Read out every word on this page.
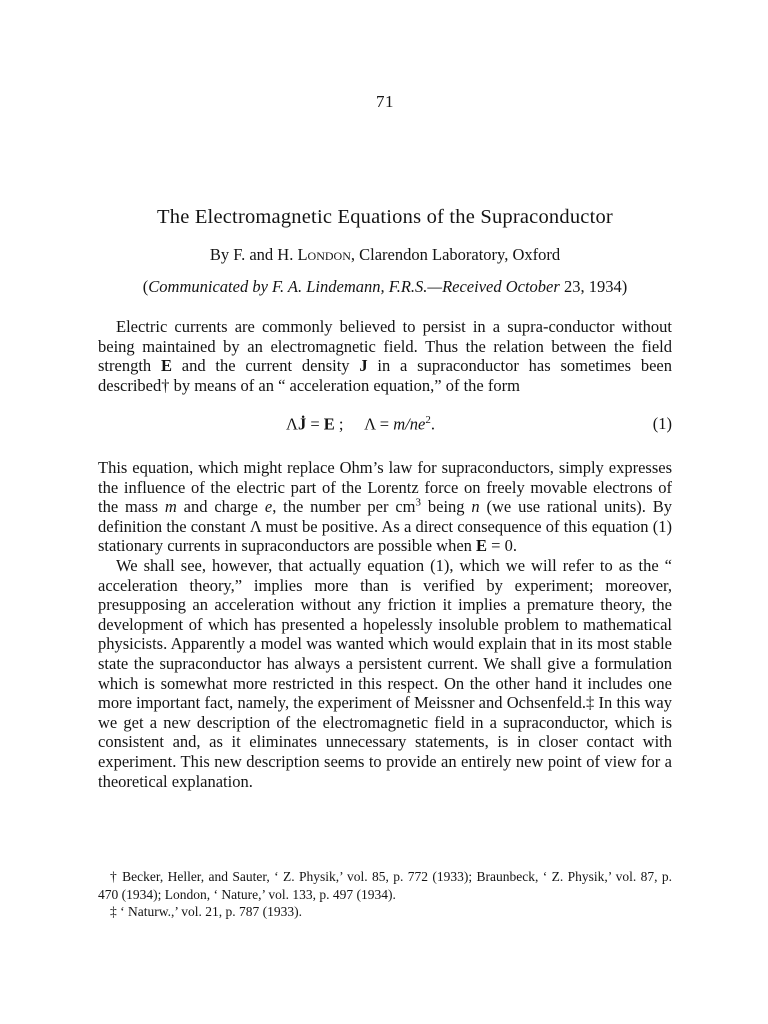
71
The Electromagnetic Equations of the Supraconductor
By F. and H. London, Clarendon Laboratory, Oxford
(Communicated by F. A. Lindemann, F.R.S.—Received October 23, 1934)

Electric currents are commonly believed to persist in a supra-conductor without being maintained by an electromagnetic field. Thus the relation between the field strength E and the current density J in a supraconductor has sometimes been described† by means of an “ acceleration equation,” of the form

ΛJ̇ = E ;     $\Lambda = m/ne^2$.	(1)

This equation, which might replace Ohm’s law for supraconductors, simply expresses the influence of the electric part of the Lorentz force on freely movable electrons of the mass m and charge e, the number per $cm^3$ being n (we use rational units). By definition the constant Λ must be positive. As a direct consequence of this equation (1) stationary currents in supraconductors are possible when E = 0.

We shall see, however, that actually equation (1), which we will refer to as the “ acceleration theory,” implies more than is verified by experiment; moreover, presupposing an acceleration without any friction it implies a premature theory, the development of which has presented a hopelessly insoluble problem to mathematical physicists. Apparently a model was wanted which would explain that in its most stable state the supraconductor has always a persistent current. We shall give a formulation which is somewhat more restricted in this respect. On the other hand it includes one more important fact, namely, the experiment of Meissner and Ochsenfeld.‡ In this way we get a new description of the electromagnetic field in a supraconductor, which is consistent and, as it eliminates unnecessary statements, is in closer contact with experiment. This new description seems to provide an entirely new point of view for a theoretical explanation.

† Becker, Heller, and Sauter, ‘ Z. Physik,’ vol. 85, p. 772 (1933); Braunbeck, ‘ Z. Physik,’ vol. 87, p. 470 (1934); London, ‘ Nature,’ vol. 133, p. 497 (1934).

‡ ‘ Naturw.,’ vol. 21, p. 787 (1933).
